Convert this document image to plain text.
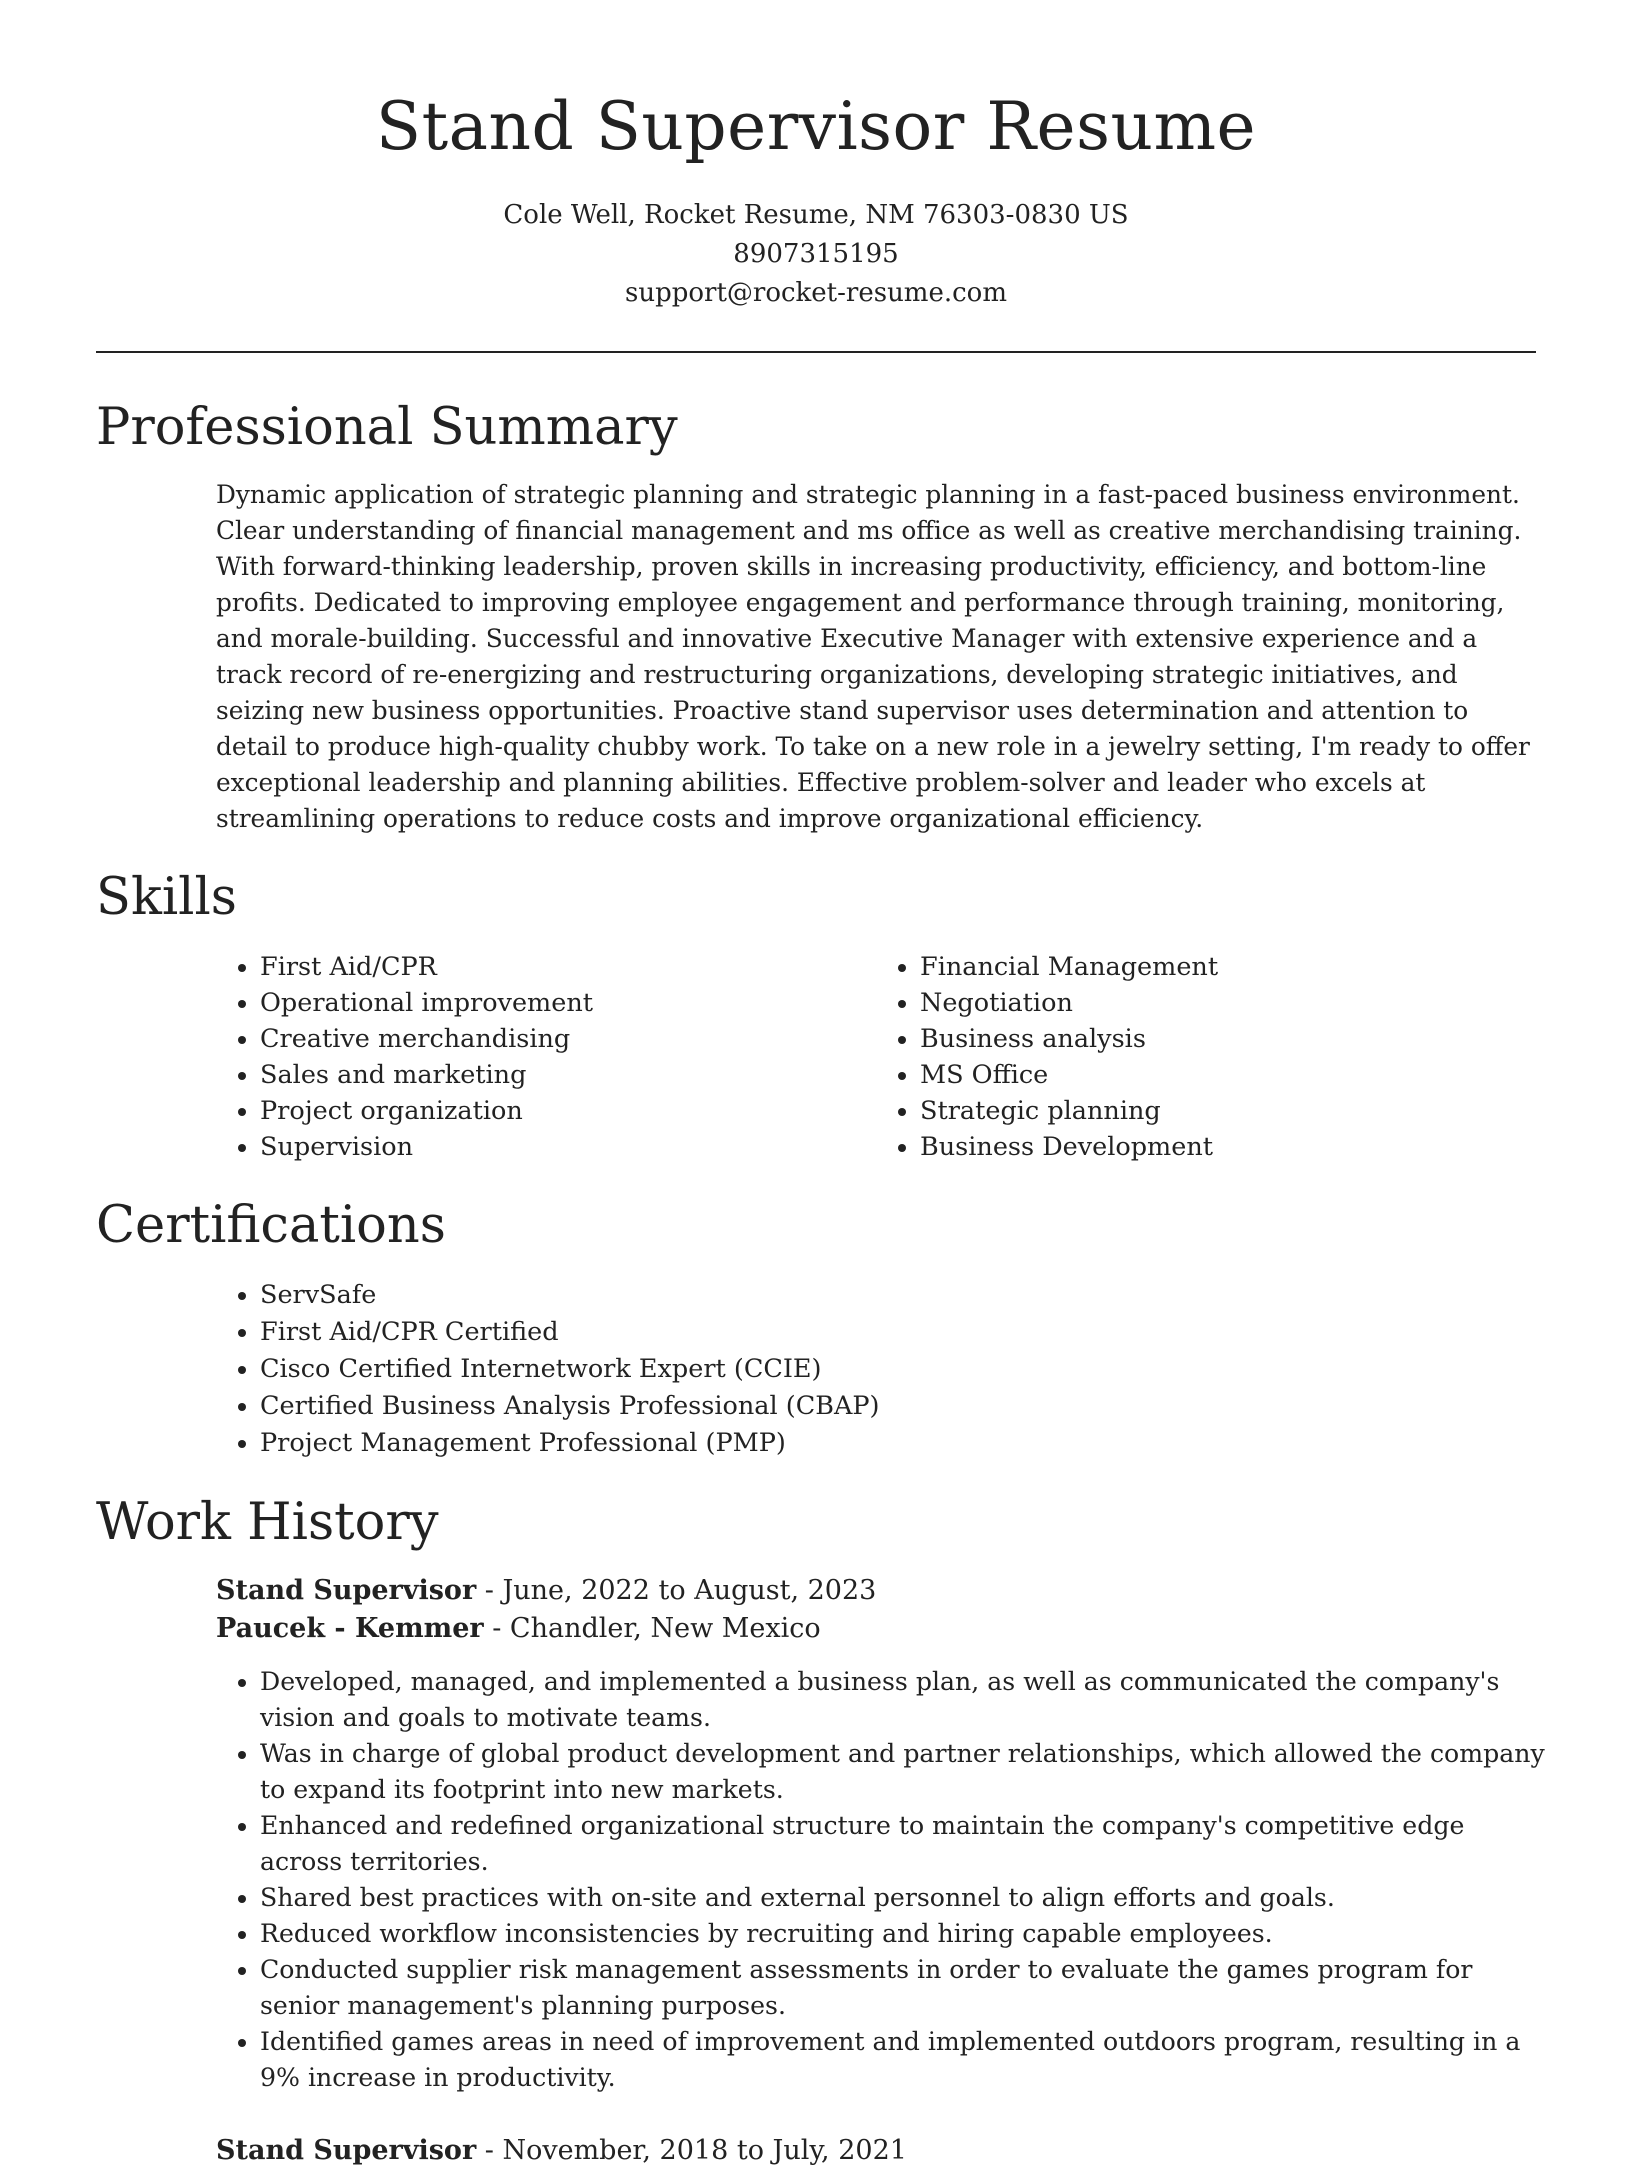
Stand Supervisor Resume
Cole Well, Rocket Resume, NM 76303-0830 US
8907315195
support@rocket-resume.com
Professional Summary
Dynamic application of strategic planning and strategic planning in a fast-paced business environment. Clear understanding of financial management and ms office as well as creative merchandising training. With forward-thinking leadership, proven skills in increasing productivity, efficiency, and bottom-line profits. Dedicated to improving employee engagement and performance through training, monitoring, and morale-building. Successful and innovative Executive Manager with extensive experience and a track record of re-energizing and restructuring organizations, developing strategic initiatives, and seizing new business opportunities. Proactive stand supervisor uses determination and attention to detail to produce high-quality chubby work. To take on a new role in a jewelry setting, I'm ready to offer exceptional leadership and planning abilities. Effective problem-solver and leader who excels at streamlining operations to reduce costs and improve organizational efficiency.
Skills
• First Aid/CPR
• Operational improvement
• Creative merchandising
• Sales and marketing
• Project organization
• Supervision
• Financial Management
• Negotiation
• Business analysis
• MS Office
• Strategic planning
• Business Development
Certifications
• ServSafe
• First Aid/CPR Certified
• Cisco Certified Internetwork Expert (CCIE)
• Certified Business Analysis Professional (CBAP)
• Project Management Professional (PMP)
Work History
Stand Supervisor - June, 2022 to August, 2023
Paucek - Kemmer - Chandler, New Mexico
• Developed, managed, and implemented a business plan, as well as communicated the company's vision and goals to motivate teams.
• Was in charge of global product development and partner relationships, which allowed the company to expand its footprint into new markets.
• Enhanced and redefined organizational structure to maintain the company's competitive edge across territories.
• Shared best practices with on-site and external personnel to align efforts and goals.
• Reduced workflow inconsistencies by recruiting and hiring capable employees.
• Conducted supplier risk management assessments in order to evaluate the games program for senior management's planning purposes.
• Identified games areas in need of improvement and implemented outdoors program, resulting in a 9% increase in productivity.
Stand Supervisor - November, 2018 to July, 2021
